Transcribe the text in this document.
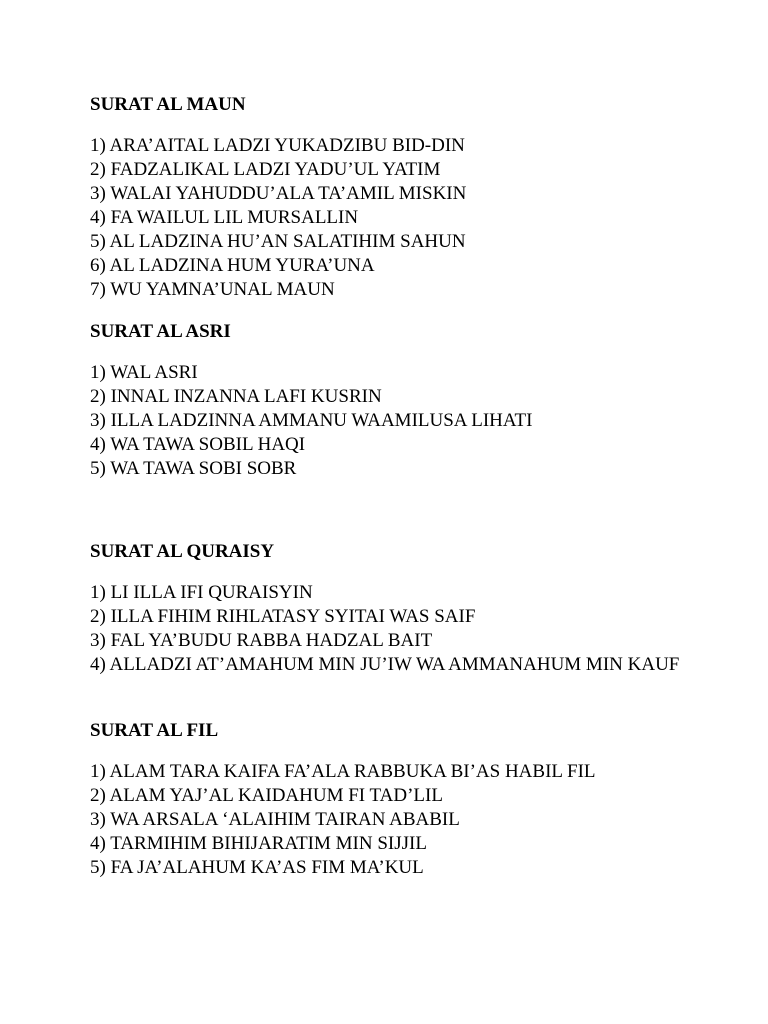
SURAT AL MAUN
1) ARA’AITAL LADZI YUKADZIBU BID-DIN
2) FADZALIKAL LADZI YADU’UL YATIM
3) WALAI YAHUDDU’ALA TA’AMIL MISKIN
4) FA WAILUL LIL MURSALLIN
5) AL LADZINA HU’AN SALATIHIM SAHUN
6) AL LADZINA HUM YURA’UNA
7) WU YAMNA’UNAL MAUN
SURAT AL ASRI
1) WAL ASRI
2) INNAL INZANNA LAFI KUSRIN
3) ILLA LADZINNA AMMANU WAAMILUSA LIHATI
4) WA TAWA SOBIL HAQI
5) WA TAWA SOBI SOBR
SURAT AL QURAISY
1) LI ILLA IFI QURAISYIN
2) ILLA FIHIM RIHLATASY SYITAI WAS SAIF
3) FAL YA’BUDU RABBA HADZAL BAIT
4) ALLADZI AT’AMAHUM MIN JU’IW WA AMMANAHUM MIN KAUF
SURAT AL FIL
1) ALAM TARA KAIFA FA’ALA RABBUKA BI’AS HABIL FIL
2) ALAM YAJ’AL KAIDAHUM FI TAD’LIL
3) WA ARSALA ‘ALAIHIM TAIRAN ABABIL
4) TARMIHIM BIHIJARATIM MIN SIJJIL
5) FA JA’ALAHUM KA’AS FIM MA’KUL
